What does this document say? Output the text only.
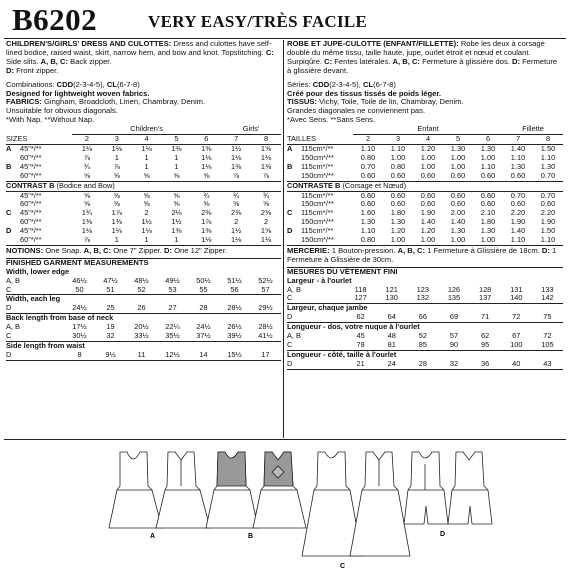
B6202	VERY EASY/TRÈS FACILE

CHILDREN'S/GIRLS' DRESS AND CULOTTES: Dress and culottes have self-lined bodice, raised waist, skirt, narrow hem, and bow and knot. Topstitching. C: Side slits. A, B, C: Back zipper.
D: Front zipper.

Combinations: CDD(2-3-4-5), CL(6-7-8)

Designed for lightweight woven fabrics.

FABRICS: Gingham, Broadcloth, Linen, Chambray, Denim.

Unsuitable for obvious diagonals.

*With Nap. **Without Nap.

		Children's					Girls'	
SIZES		2	3	4	5	6	7	8
A	45"*/**	1⅛	1⅛	1⅛	1⅜	1⅜	1½	1⅝
	60"*/**	⅞	1	1	1	1⅛	1⅛	1⅛
B	45"*/**	¾	⅞	1	1	1⅛	1⅜	1⅜
	60"*/**	⅝	⅝	⅝	⅝	⅝	⅞	⅞
CONTRAST B (Bodice and Bow)								
	45"*/**	⅝	⅝	⅝	⅝	¾	¾	¾
	60"*/**	⅝	⅝	⅝	⅝	⅝	⅝	⅝
C	45"*/**	1¾	1⅞	2	2⅛	2⅜	2⅜	2⅜
	60"*/**	1⅜	1⅜	1½	1½	1⅞	2	2
D	45"*/**	1⅛	1⅛	1⅛	1⅜	1⅜	1½	1⅝
	60"*/**	⅞	1	1	1	1⅛	1⅛	1⅛

NOTIONS: One Snap. A, B, C: One 7" Zipper. D: One 12" Zipper.

FINISHED GARMENT MEASUREMENTS

Width, lower edge							
A, B	46½	47½	48½	49½	50½	51½	52½
C	50	51	52	53	55	56	57
Width, each leg							
D	24½	25	26	27	28	28½	29½
Back length from base of neck							
A, B	17½	19	20½	22¼	24½	26½	28½
C	30½	32	33½	35½	37½	39½	41½
Side length from waist							
D	8	9½	11	12½	14	15½	17

ROBE ET JUPE-CULOTTE (ENFANT/FILLETTE): Robe les deux à corsage doublé du même tissu, taille haute, jupe, ourlet étroit et nœud et coulant. Surpiqûre. C: Fentes latérales. A, B, C: Fermeture à glissière dos. D: Fermeture à glissière devant.

Séries: CDD(2-3-4-5), CL(6-7-8)

Créé pour des tissus tissés de poids léger.

TISSUS: Vichy, Toile, Toile de lin, Chambray, Denim.

Grandes diagonales ne conviennent pas.

*Avec Sens. **Sans Sens.

		Enfant					Fillette	
TAILLES		2	3	4	5	6	7	8
A	115cm*/**	1.10	1.10	1.20	1.30	1.30	1.40	1.50
	150cm*/**	0.80	1.00	1.00	1.00	1.00	1.10	1.10
B	115cm*/**	0.70	0.80	1.00	1.00	1.10	1.30	1.30
	150cm*/**	0.60	0.60	0.60	0.60	0.60	0.60	0.70
CONTRASTE B (Corsage et Nœud)								
	115cm*/**	0.60	0.60	0.60	0.60	0.60	0.70	0.70
	150cm*/**	0.60	0.60	0.60	0.60	0.60	0.60	0.60
C	115cm*/**	1.60	1.80	1.90	2.00	2.10	2.20	2.20
	150cm*/**	1.30	1.30	1.40	1.40	1.80	1.90	1.90
D	115cm*/**	1.10	1.20	1.20	1.30	1.30	1.40	1.50
	150cm*/**	0.80	1.00	1.00	1.00	1.00	1.10	1.10

MERCERIE: 1 Bouton-pression. A, B, C: 1 Fermeture à Glissière de 18cm. D: 1 Fermeture à Glissière de 30cm.

MESURES DU VÊTEMENT FINI

Largeur - à l'ourlet							
A, B	118	121	123	126	128	131	133
C	127	130	132	135	137	140	142
Largeur, chaque jambe							
D	62	64	66	69	71	72	75
Longueur - dos, votre nuque à l'ourlet							
A, B	45	48	52	57	62	67	72
C	78	81	85	90	95	100	105
Longueur - côté, taille à l'ourlet							
D	21	24	28	32	36	40	43
A	B
C
D
